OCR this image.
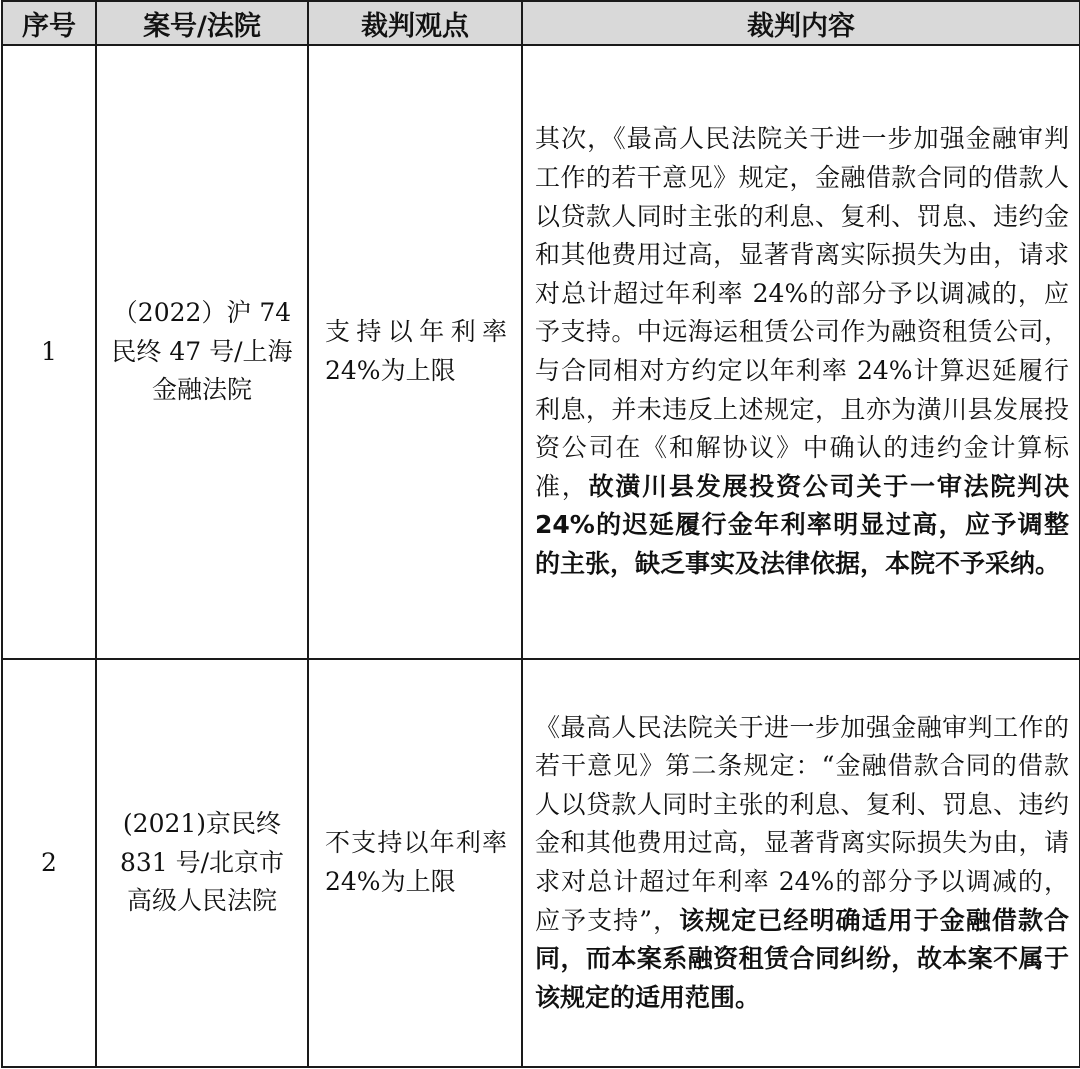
序号	案号/法院	裁判观点	裁判内容
1	（2022）沪 74 民终 47 号/上海金融法院	支持以年利率 24%为上限	其次，《最高人民法院关于进一步加强金融审判工作的若干意见》规定，金融借款合同的借款人以贷款人同时主张的利息、复利、罚息、违约金和其他费用过高，显著背离实际损失为由，请求对总计超过年利率 24%的部分予以调减的，应予支持。中远海运租赁公司作为融资租赁公司，与合同相对方约定以年利率 24%计算迟延履行利息，并未违反上述规定，且亦为潢川县发展投资公司在《和解协议》中确认的违约金计算标准，故潢川县发展投资公司关于一审法院判决 24%的迟延履行金年利率明显过高，应予调整的主张，缺乏事实及法律依据，本院不予采纳。
2	(2021)京民终 831 号/北京市高级人民法院	不支持以年利率 24%为上限	《最高人民法院关于进一步加强金融审判工作的若干意见》第二条规定：“金融借款合同的借款人以贷款人同时主张的利息、复利、罚息、违约金和其他费用过高，显著背离实际损失为由，请求对总计超过年利率 24%的部分予以调减的，应予支持”，该规定已经明确适用于金融借款合同，而本案系融资租赁合同纠纷，故本案不属于该规定的适用范围。
